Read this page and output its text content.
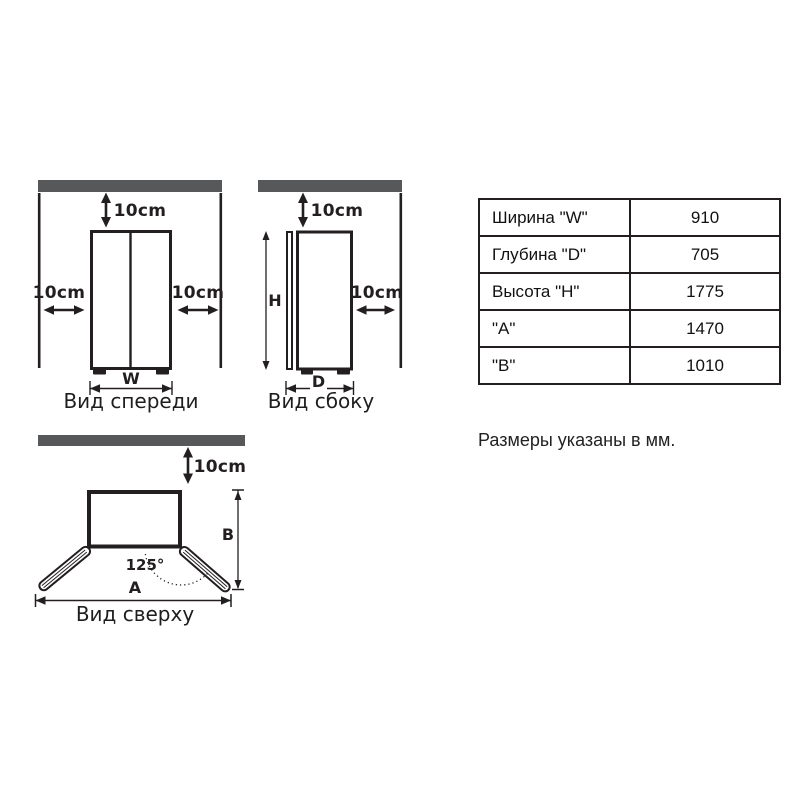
10cm
10cm	10cm
W
Вид спереди
10cm
H	10cm
D
Вид сбоку
10cm
125°
B
A
Вид сверху
Ширина "W"	910
Глубина "D"	705
Высота "H"	1775
"A"	1470
"B"	1010
Размеры указаны в мм.
